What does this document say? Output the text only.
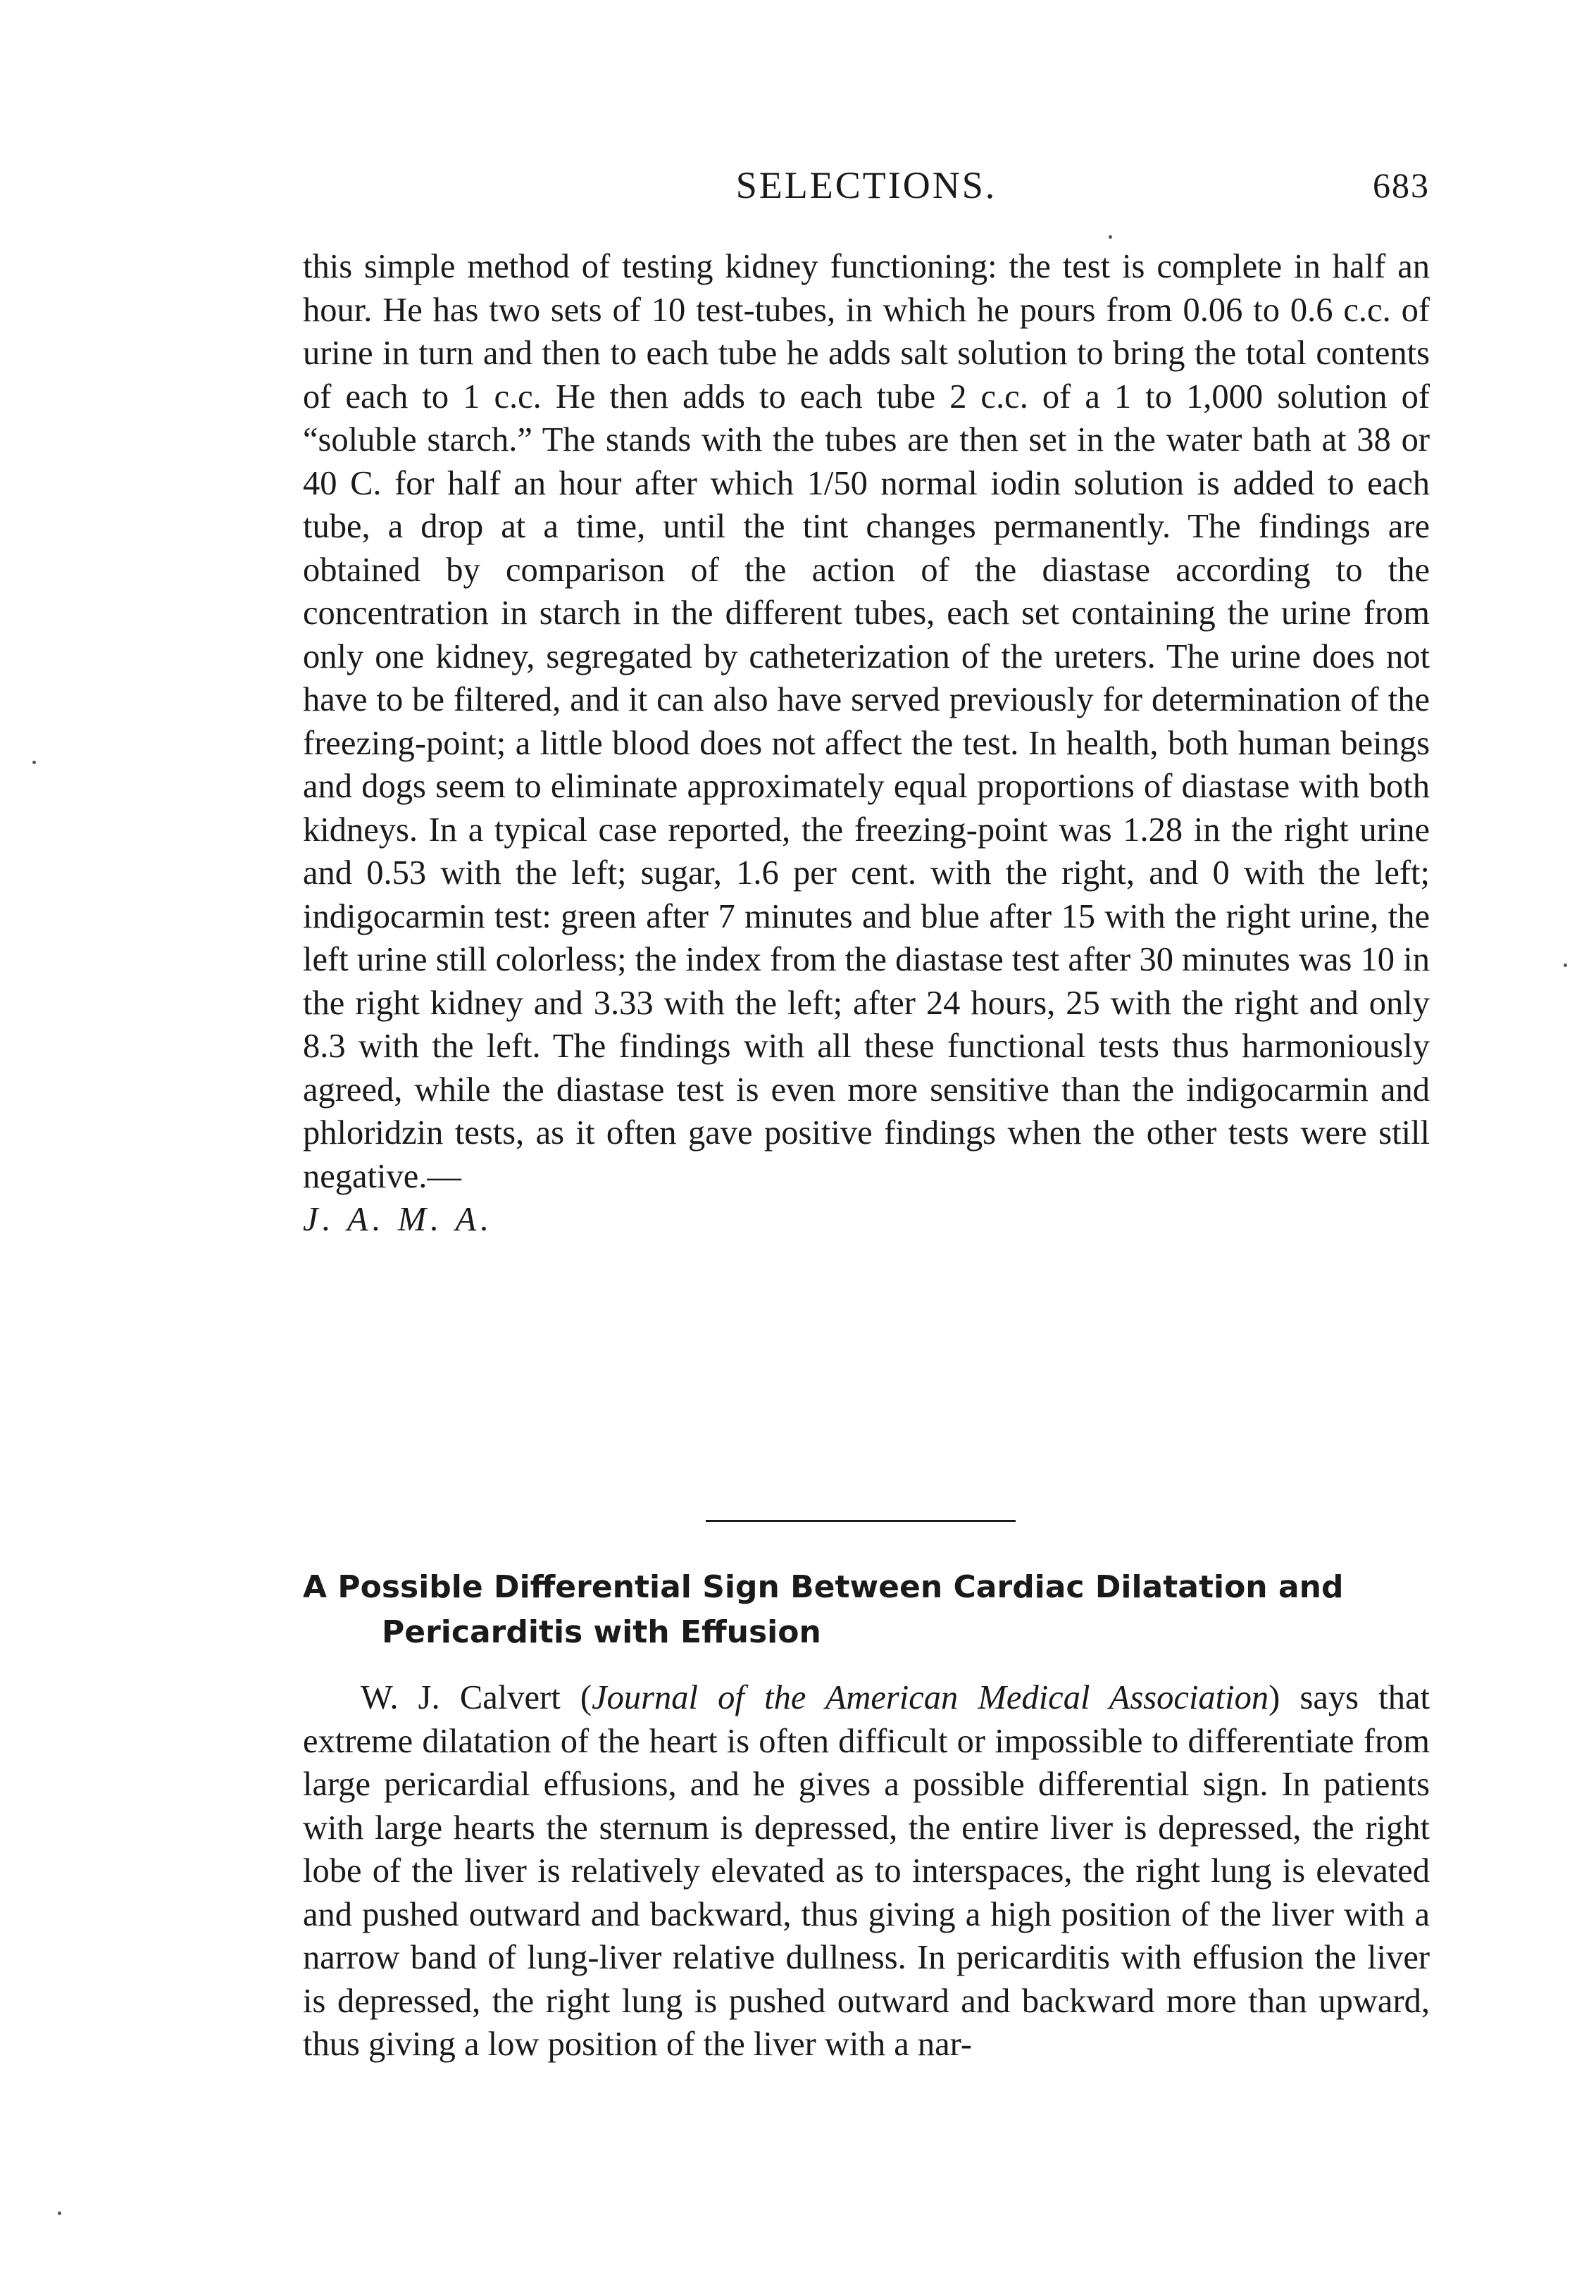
SELECTIONS.	683

this simple method of testing kidney functioning: the test is complete in half an hour. He has two sets of 10 test-tubes, in which he pours from 0.06 to 0.6 c.c. of urine in turn and then to each tube he adds salt solution to bring the total contents of each to 1 c.c. He then adds to each tube 2 c.c. of a 1 to 1,000 solution of “soluble starch.” The stands with the tubes are then set in the water bath at 38 or 40 C. for half an hour after which 1/50 normal iodin solution is added to each tube, a drop at a time, until the tint changes permanently. The findings are obtained by comparison of the action of the diastase according to the concentration in starch in the different tubes, each set containing the urine from only one kidney, segregated by catheterization of the ureters. The urine does not have to be filtered, and it can also have served previously for determination of the freezing-point; a little blood does not affect the test. In health, both human beings and dogs seem to eliminate approximately equal proportions of diastase with both kidneys. In a typical case reported, the freezing-point was 1.28 in the right urine and 0.53 with the left; sugar, 1.6 per cent. with the right, and 0 with the left; indigocarmin test: green after 7 minutes and blue after 15 with the right urine, the left urine still colorless; the index from the diastase test after 30 minutes was 10 in the right kidney and 3.33 with the left; after 24 hours, 25 with the right and only 8.3 with the left. The findings with all these functional tests thus harmoniously agreed, while the diastase test is even more sensitive than the indigocarmin and phloridzin tests, as it often gave positive findings when the other tests were still negative.—
J. A. M. A.

A Possible Differential Sign Between Cardiac Dilatation and Pericarditis with Effusion

W. J. Calvert (Journal of the American Medical Association) says that extreme dilatation of the heart is often difficult or impossible to differentiate from large pericardial effusions, and he gives a possible differential sign. In patients with large hearts the sternum is depressed, the entire liver is depressed, the right lobe of the liver is relatively elevated as to interspaces, the right lung is elevated and pushed outward and backward, thus giving a high position of the liver with a narrow band of lung-liver relative dullness. In pericarditis with effusion the liver is depressed, the right lung is pushed outward and backward more than upward, thus giving a low position of the liver with a nar-
